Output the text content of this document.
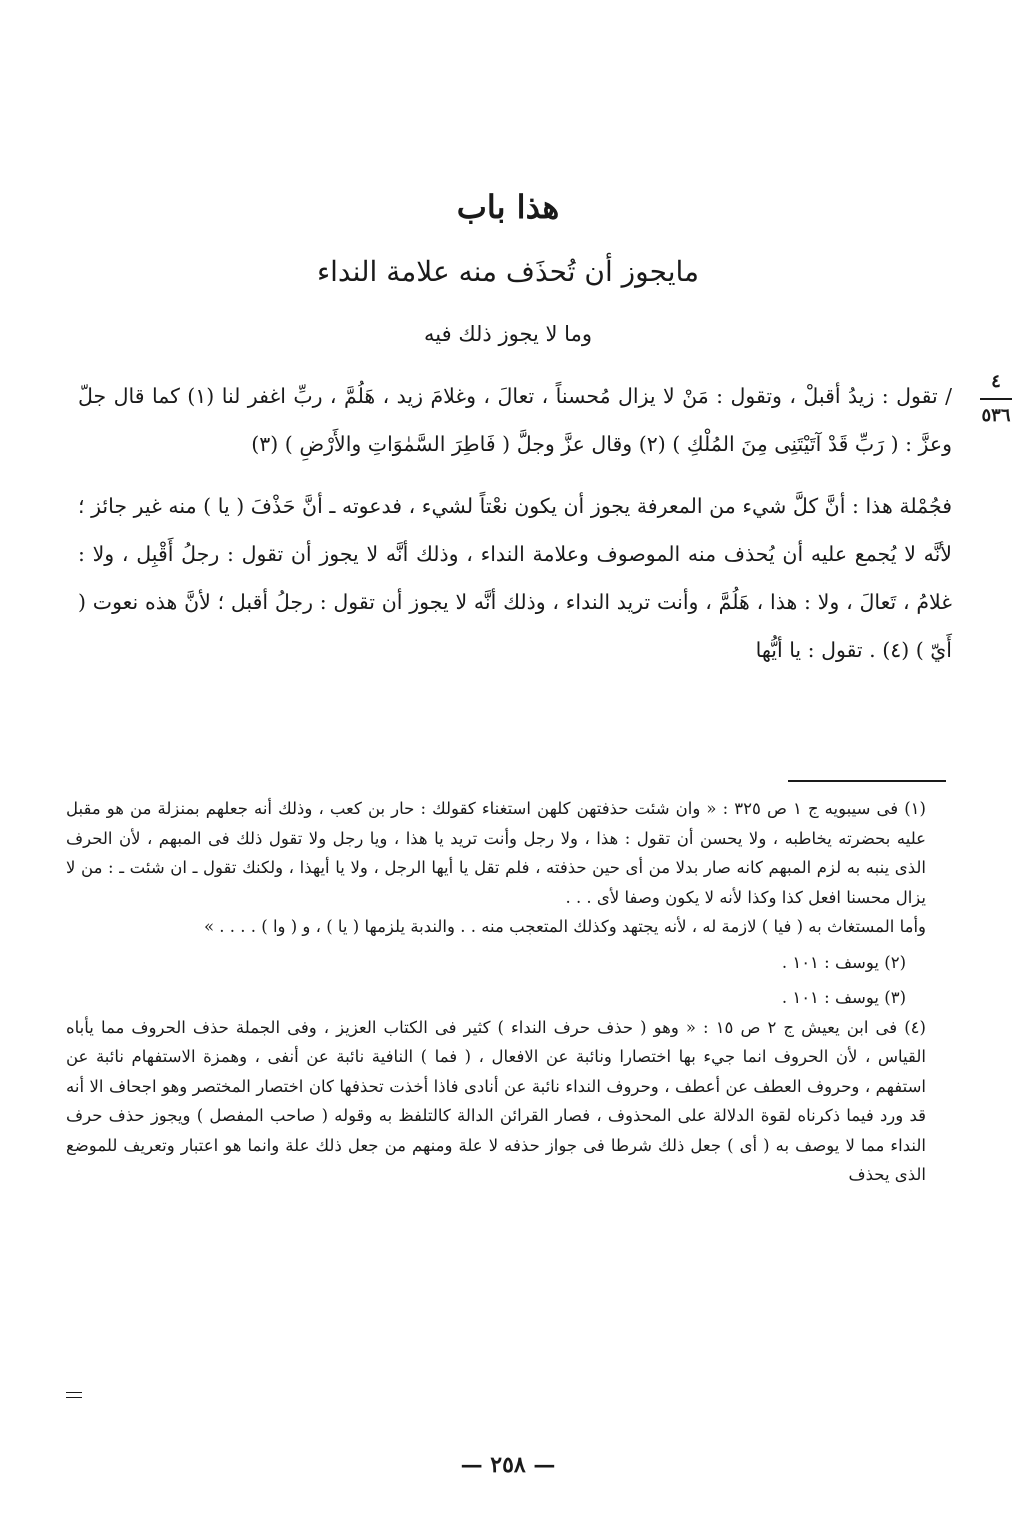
هذا باب
مايجوز أن تُحذَف منه علامة النداء
وما لا يجوز ذلك فيه
٤
٥٣٦

/ تقول : زيدُ أقبلْ ، وتقول : مَنْ لا يزال مُحسناً ، تعالَ ، وغلامَ زيد ، هَلُمَّ ، ربِّ اغفر لنا (١) كما قال جلّ وعزَّ : ( رَبِّ قَدْ آتَيْتَنِى مِنَ المُلْكِ ) (٢) وقال عزَّ وجلَّ ( فَاطِرَ السَّمٰوَاتِ والأَرْضِ ) (٣)

فجُمْلة هذا : أنَّ كلَّ شيء من المعرفة يجوز أن يكون نعْتاً لشيء ، فدعوته ـ أنَّ حَذْفَ ( يا ) منه غير جائز ؛ لأنَّه لا يُجمع عليه أن يُحذف منه الموصوف وعلامة النداء ، وذلك أنَّه لا يجوز أن تقول : رجلُ أَقْبِل ، ولا : غلامُ ، تَعالَ ، ولا : هذا ، هَلُمَّ ، وأنت تريد النداء ، وذلك أنَّه لا يجوز أن تقول : رجلُ أقبل ؛ لأنَّ هذه نعوت ( أَيّ ) (٤) . تقول : يا أيُّها

(١) فى سيبويه ج ١ ص ٣٢٥ : « وان شئت حذفتهن كلهن استغناء كقولك : حار بن كعب ، وذلك أنه جعلهم بمنزلة من هو مقبل عليه بحضرته يخاطبه ، ولا يحسن أن تقول : هذا ، ولا رجل وأنت تريد يا هذا ، ويا رجل ولا تقول ذلك فى المبهم ، لأن الحرف الذى ينبه به لزم المبهم كانه صار بدلا من أى حين حذفته ، فلم تقل يا أيها الرجل ، ولا يا أيهذا ، ولكنك تقول ـ ان شئت ـ : من لا يزال محسنا افعل كذا وكذا لأنه لا يكون وصفا لأى . . .

وأما المستغاث به ( فيا ) لازمة له ، لأنه يجتهد وكذلك المتعجب منه . . والندبة يلزمها ( يا ) ، و ( وا ) . . . . »

(٢) يوسف : ١٠١ .

(٣) يوسف : ١٠١ .

(٤) فى ابن يعيش ج ٢ ص ١٥ : « وهو ( حذف حرف النداء ) كثير فى الكتاب العزيز ، وفى الجملة حذف الحروف مما يأباه القياس ، لأن الحروف انما جيء بها اختصارا ونائبة عن الافعال ، ( فما ) النافية نائبة عن أنفى ، وهمزة الاستفهام نائبة عن استفهم ، وحروف العطف عن أعطف ، وحروف النداء نائبة عن أنادى فاذا أخذت تحذفها كان اختصار المختصر وهو اجحاف الا أنه قد ورد فيما ذكرناه لقوة الدلالة على المحذوف ، فصار القرائن الدالة كالتلفظ به وقوله ( صاحب المفصل ) ويجوز حذف حرف النداء مما لا يوصف به ( أى ) جعل ذلك شرطا فى جواز حذفه لا علة ومنهم من جعل ذلك علة وانما هو اعتبار وتعريف للموضع الذى يحذف

— ٢٥٨ —
